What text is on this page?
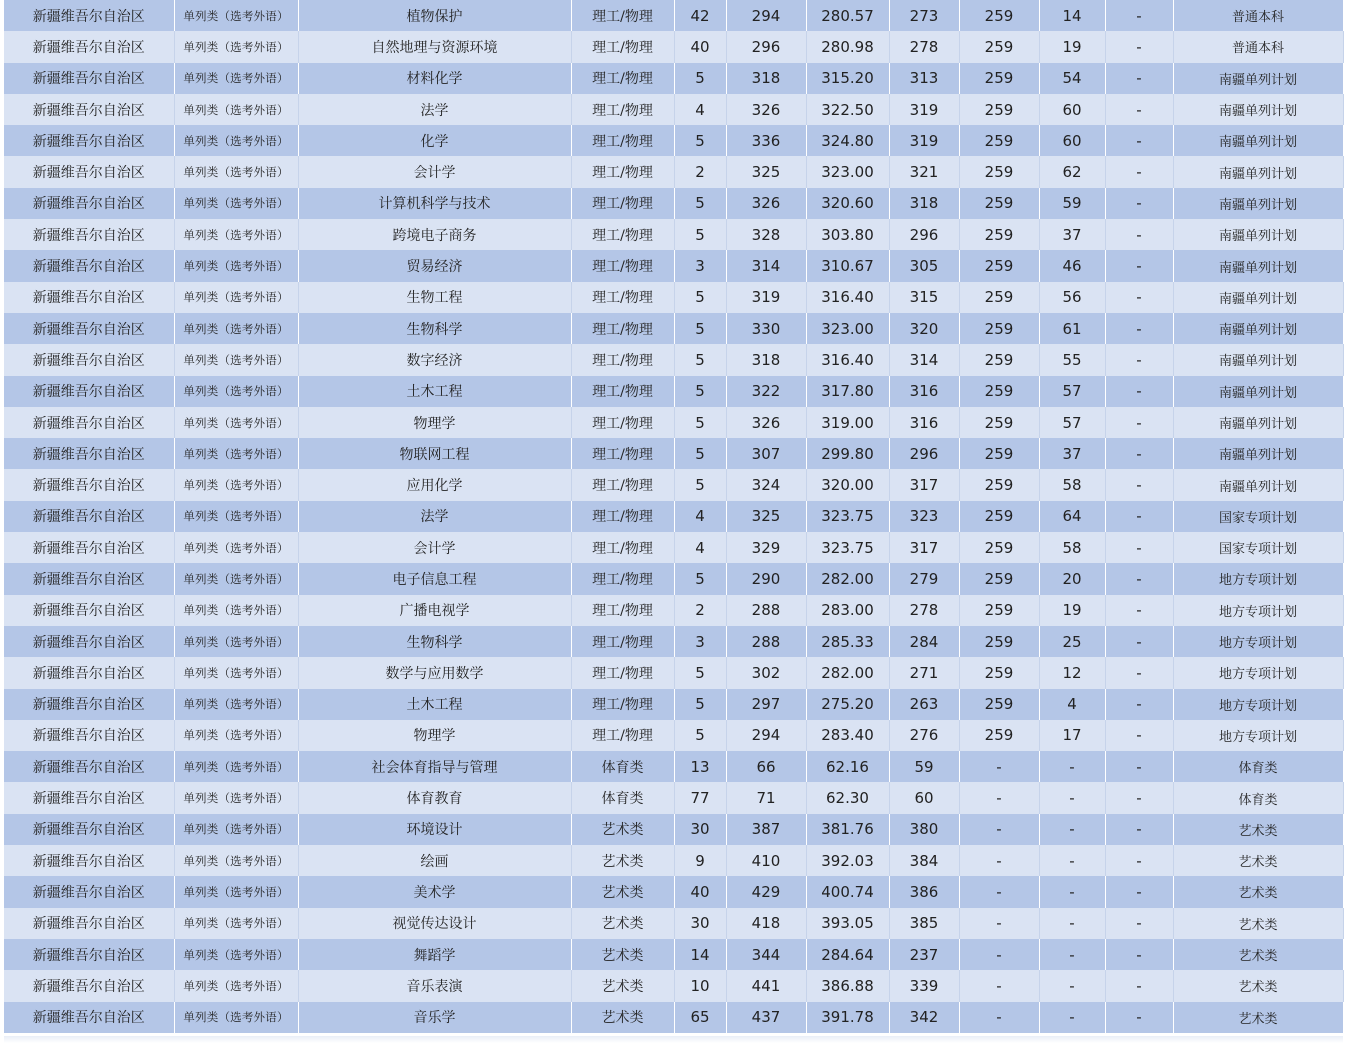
新疆维吾尔自治区	单列类（选考外语）	植物保护	理工/物理	42	294	280.57	273	259	14	-	普通本科
新疆维吾尔自治区	单列类（选考外语）	自然地理与资源环境	理工/物理	40	296	280.98	278	259	19	-	普通本科
新疆维吾尔自治区	单列类（选考外语）	材料化学	理工/物理	5	318	315.20	313	259	54	-	南疆单列计划
新疆维吾尔自治区	单列类（选考外语）	法学	理工/物理	4	326	322.50	319	259	60	-	南疆单列计划
新疆维吾尔自治区	单列类（选考外语）	化学	理工/物理	5	336	324.80	319	259	60	-	南疆单列计划
新疆维吾尔自治区	单列类（选考外语）	会计学	理工/物理	2	325	323.00	321	259	62	-	南疆单列计划
新疆维吾尔自治区	单列类（选考外语）	计算机科学与技术	理工/物理	5	326	320.60	318	259	59	-	南疆单列计划
新疆维吾尔自治区	单列类（选考外语）	跨境电子商务	理工/物理	5	328	303.80	296	259	37	-	南疆单列计划
新疆维吾尔自治区	单列类（选考外语）	贸易经济	理工/物理	3	314	310.67	305	259	46	-	南疆单列计划
新疆维吾尔自治区	单列类（选考外语）	生物工程	理工/物理	5	319	316.40	315	259	56	-	南疆单列计划
新疆维吾尔自治区	单列类（选考外语）	生物科学	理工/物理	5	330	323.00	320	259	61	-	南疆单列计划
新疆维吾尔自治区	单列类（选考外语）	数字经济	理工/物理	5	318	316.40	314	259	55	-	南疆单列计划
新疆维吾尔自治区	单列类（选考外语）	土木工程	理工/物理	5	322	317.80	316	259	57	-	南疆单列计划
新疆维吾尔自治区	单列类（选考外语）	物理学	理工/物理	5	326	319.00	316	259	57	-	南疆单列计划
新疆维吾尔自治区	单列类（选考外语）	物联网工程	理工/物理	5	307	299.80	296	259	37	-	南疆单列计划
新疆维吾尔自治区	单列类（选考外语）	应用化学	理工/物理	5	324	320.00	317	259	58	-	南疆单列计划
新疆维吾尔自治区	单列类（选考外语）	法学	理工/物理	4	325	323.75	323	259	64	-	国家专项计划
新疆维吾尔自治区	单列类（选考外语）	会计学	理工/物理	4	329	323.75	317	259	58	-	国家专项计划
新疆维吾尔自治区	单列类（选考外语）	电子信息工程	理工/物理	5	290	282.00	279	259	20	-	地方专项计划
新疆维吾尔自治区	单列类（选考外语）	广播电视学	理工/物理	2	288	283.00	278	259	19	-	地方专项计划
新疆维吾尔自治区	单列类（选考外语）	生物科学	理工/物理	3	288	285.33	284	259	25	-	地方专项计划
新疆维吾尔自治区	单列类（选考外语）	数学与应用数学	理工/物理	5	302	282.00	271	259	12	-	地方专项计划
新疆维吾尔自治区	单列类（选考外语）	土木工程	理工/物理	5	297	275.20	263	259	4	-	地方专项计划
新疆维吾尔自治区	单列类（选考外语）	物理学	理工/物理	5	294	283.40	276	259	17	-	地方专项计划
新疆维吾尔自治区	单列类（选考外语）	社会体育指导与管理	体育类	13	66	62.16	59	-	-	-	体育类
新疆维吾尔自治区	单列类（选考外语）	体育教育	体育类	77	71	62.30	60	-	-	-	体育类
新疆维吾尔自治区	单列类（选考外语）	环境设计	艺术类	30	387	381.76	380	-	-	-	艺术类
新疆维吾尔自治区	单列类（选考外语）	绘画	艺术类	9	410	392.03	384	-	-	-	艺术类
新疆维吾尔自治区	单列类（选考外语）	美术学	艺术类	40	429	400.74	386	-	-	-	艺术类
新疆维吾尔自治区	单列类（选考外语）	视觉传达设计	艺术类	30	418	393.05	385	-	-	-	艺术类
新疆维吾尔自治区	单列类（选考外语）	舞蹈学	艺术类	14	344	284.64	237	-	-	-	艺术类
新疆维吾尔自治区	单列类（选考外语）	音乐表演	艺术类	10	441	386.88	339	-	-	-	艺术类
新疆维吾尔自治区	单列类（选考外语）	音乐学	艺术类	65	437	391.78	342	-	-	-	艺术类
